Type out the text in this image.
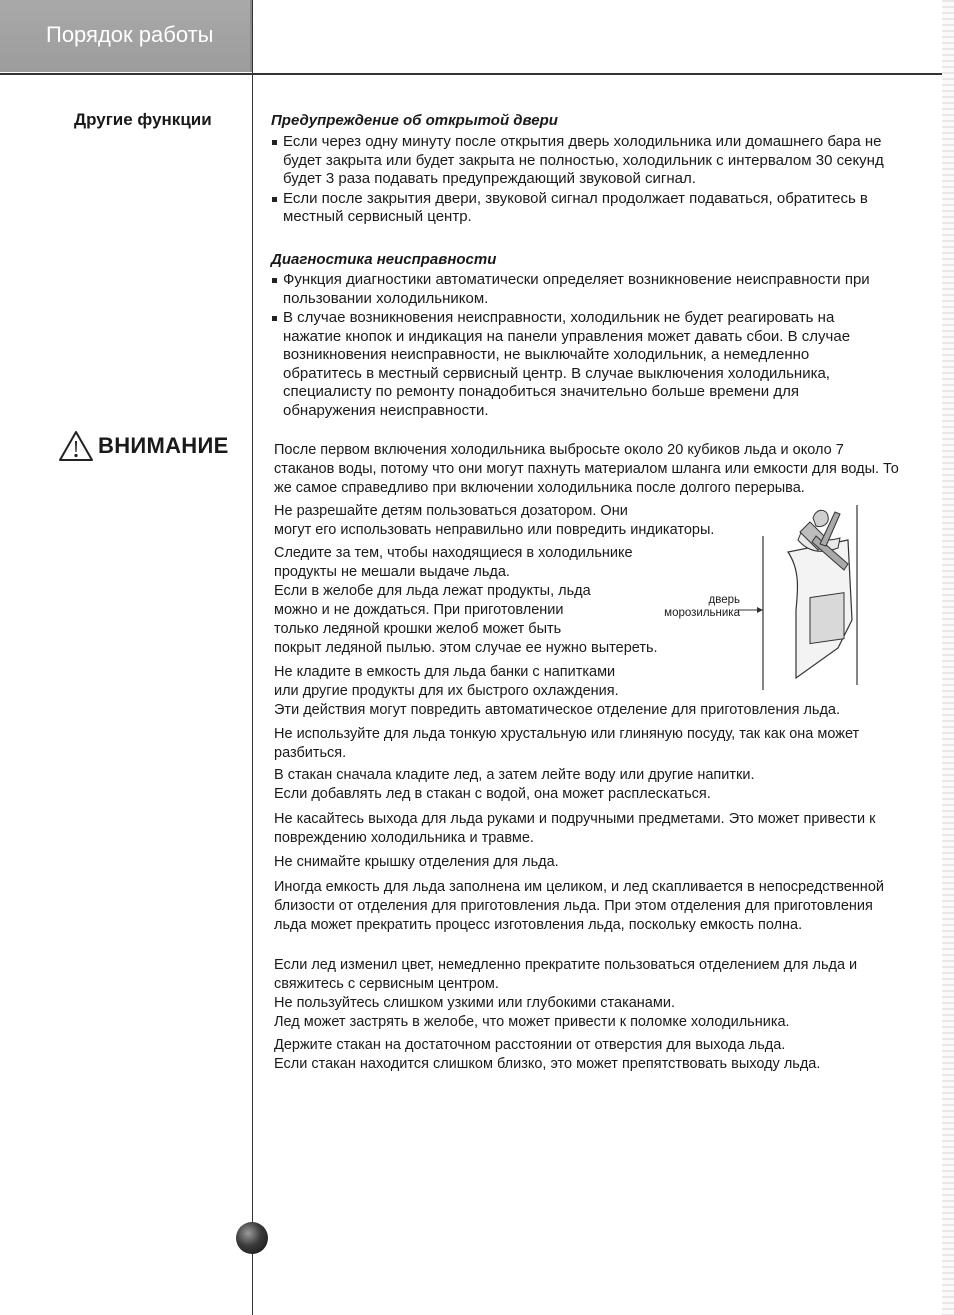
Порядок работы
Другие функции
ВНИМАНИЕ
Предупреждение об открытой двери
Если через одну минуту после открытия дверь холодильника или домашнего бара не будет закрыта или будет закрыта не полностью, холодильник с интервалом 30 секунд будет 3 раза подавать предупреждающий звуковой сигнал.
Если после закрытия двери, звуковой сигнал продолжает подаваться, обратитесь в местный сервисный центр.
Диагностика неисправности
Функция диагностики автоматически определяет возникновение неисправности при пользовании холодильником.
В случае возникновения неисправности, холодильник не будет реагировать на нажатие кнопок и индикация на панели управления может давать сбои. В случае возникновения неисправности, не выключайте холодильник, а немедленно обратитесь в местный сервисный центр. В случае выключения холодильника, специалисту по ремонту понадобиться значительно больше времени для обнаружения неисправности.

После первом включения холодильника выбросьте около 20 кубиков льда и около 7 стаканов воды, потому что они могут пахнуть материалом шланга или емкости для воды. То же самое справедливо при включении холодильника после долгого перерыва.

Не разрешайте детям пользоваться дозатором. Они
могут его использовать неправильно или повредить индикаторы.
Следите за тем, чтобы находящиеся в холодильнике
продукты не мешали выдаче льда.
Если в желобе для льда лежат продукты, льда
можно и не дождаться. При приготовлении
только ледяной крошки желоб может быть
покрыт ледяной пылью. этом случае ее нужно вытереть.
Не кладите в емкость для льда банки с напитками
или другие продукты для их быстрого охлаждения.
Эти действия могут повредить автоматическое отделение для приготовления льда.

Не используйте для льда тонкую хрустальную или глиняную посуду, так как она может разбиться.

В стакан сначала кладите лед, а затем лейте воду или другие напитки.
Если добавлять лед в стакан с водой, она может расплескаться.

Не касайтесь выхода для льда руками и подручными предметами. Это может привести к повреждению холодильника и травме.

Не снимайте крышку отделения для льда.

Иногда емкость для льда заполнена им целиком, и лед скапливается в непосредственной близости от отделения для приготовления льда. При этом отделения для приготовления льда может прекратить процесс изготовления льда, поскольку емкость полна.

Если лед изменил цвет, немедленно прекратите пользоваться отделением для льда и свяжитесь с сервисным центром.
Не пользуйтесь слишком узкими или глубокими стаканами.
Лед может застрять в желобе, что может привести к поломке холодильника.
Держите стакан на достаточном расстоянии от отверстия для выхода льда.
Если стакан находится слишком близко, это может препятствовать выходу льда.
дверь
морозильника
